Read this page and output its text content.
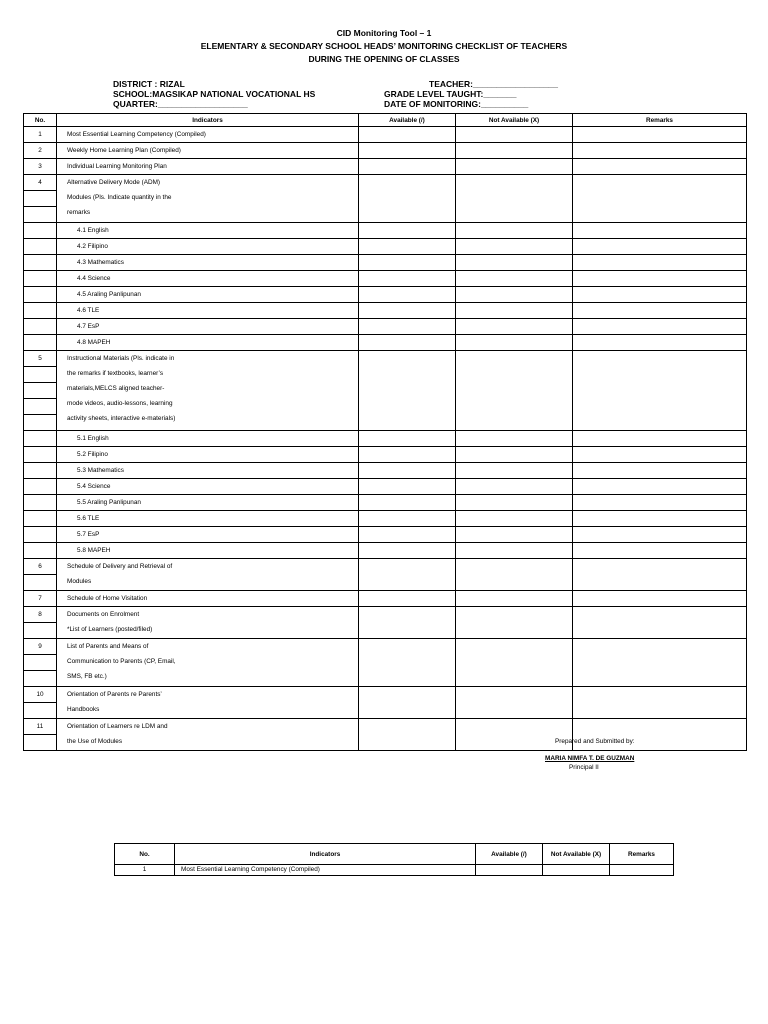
CID Monitoring Tool – 1
ELEMENTARY & SECONDARY SCHOOL HEADS’ MONITORING CHECKLIST OF TEACHERS
DURING THE OPENING OF CLASSES
DISTRICT : RIZAL
SCHOOL:MAGSIKAP NATIONAL VOCATIONAL HS
QUARTER:___________________
TEACHER:__________________
GRADE LEVEL TAUGHT:_______
DATE OF MONITORING:__________
No.	Indicators	Available (/)	Not Available (X)	Remarks

1	Most Essential Learning Competency (Compiled)			

2	Weekly Home Learning Plan (Compiled)			

3	Individual Learning Monitoring Plan			

4	Alternative Delivery Mode (ADM)
Modules (Pls. Indicate quantity in the
remarks			

	4.1 English			

	4.2 Filipino			

	4.3 Mathematics			

	4.4 Science			

	4.5 Araling Panlipunan			

	4.6 TLE			

	4.7 EsP			

	4.8 MAPEH			

5	Instructional Materials (Pls. indicate in
the remarks if textbooks, learner’s
materials,MELCS aligned teacher-
mode videos, audio-lessons, learning
activity sheets, interactive e-materials)			

	5.1 English			

	5.2 Filipino			

	5.3 Mathematics			

	5.4 Science			

	5.5 Araling Panlipunan			

	5.6 TLE			

	5.7 EsP			

	5.8 MAPEH			

6	Schedule of Delivery and Retrieval of
Modules			

7	Schedule of Home Visitation			

8	Documents on Enrolment
*List of Learners (posted/filed)			

9	List of Parents and Means of
Communication to Parents (CP, Email,
SMS, FB etc.)			

10	Orientation of Parents re Parents’
Handbooks			

11	Orientation of Learners re LDM and
the Use of Modules			
				Prepared and Submitted by:
MARIA NIMFA T. DE GUZMAN
Principal II
No.	Indicators	Available (/)	Not Available (X)	Remarks
1	Most Essential Learning Competency (Compiled)			
